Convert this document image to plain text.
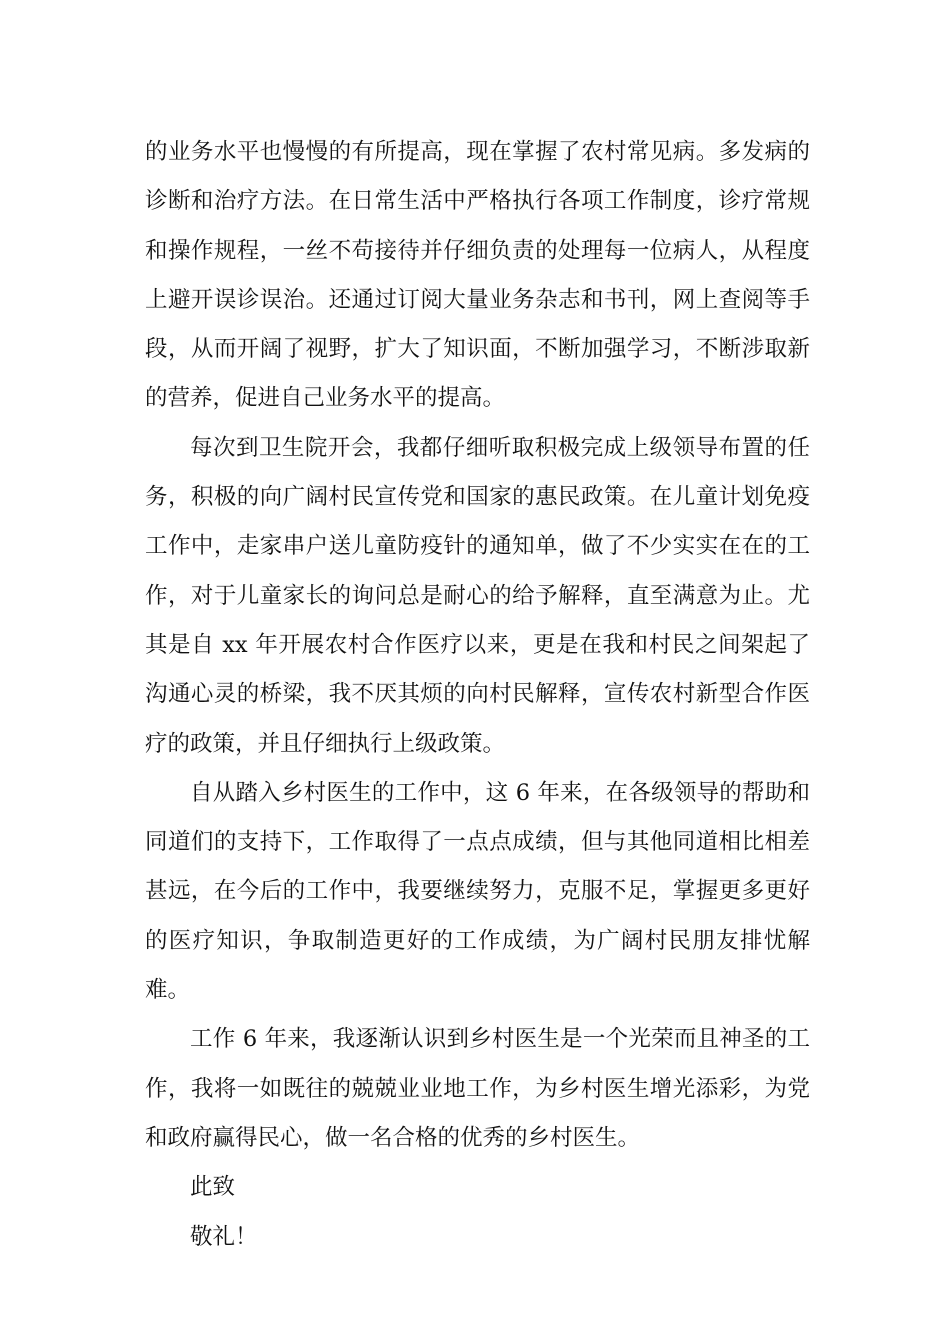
的业务水平也慢慢的有所提高，现在掌握了农村常见病。多发病的诊断和治疗方法。在日常生活中严格执行各项工作制度，诊疗常规和操作规程，一丝不苟接待并仔细负责的处理每一位病人，从程度上避开误诊误治。还通过订阅大量业务杂志和书刊，网上查阅等手段，从而开阔了视野，扩大了知识面，不断加强学习，不断涉取新的营养，促进自己业务水平的提高。

每次到卫生院开会，我都仔细听取积极完成上级领导布置的任务，积极的向广阔村民宣传党和国家的惠民政策。在儿童计划免疫工作中，走家串户送儿童防疫针的通知单，做了不少实实在在的工作，对于儿童家长的询问总是耐心的给予解释，直至满意为止。尤其是自 xx 年开展农村合作医疗以来，更是在我和村民之间架起了沟通心灵的桥梁，我不厌其烦的向村民解释，宣传农村新型合作医疗的政策，并且仔细执行上级政策。

自从踏入乡村医生的工作中，这 6 年来，在各级领导的帮助和同道们的支持下，工作取得了一点点成绩，但与其他同道相比相差甚远，在今后的工作中，我要继续努力，克服不足，掌握更多更好的医疗知识，争取制造更好的工作成绩，为广阔村民朋友排忧解难。

工作 6 年来，我逐渐认识到乡村医生是一个光荣而且神圣的工作，我将一如既往的兢兢业业地工作，为乡村医生增光添彩，为党和政府赢得民心，做一名合格的优秀的乡村医生。

此致

敬礼！
